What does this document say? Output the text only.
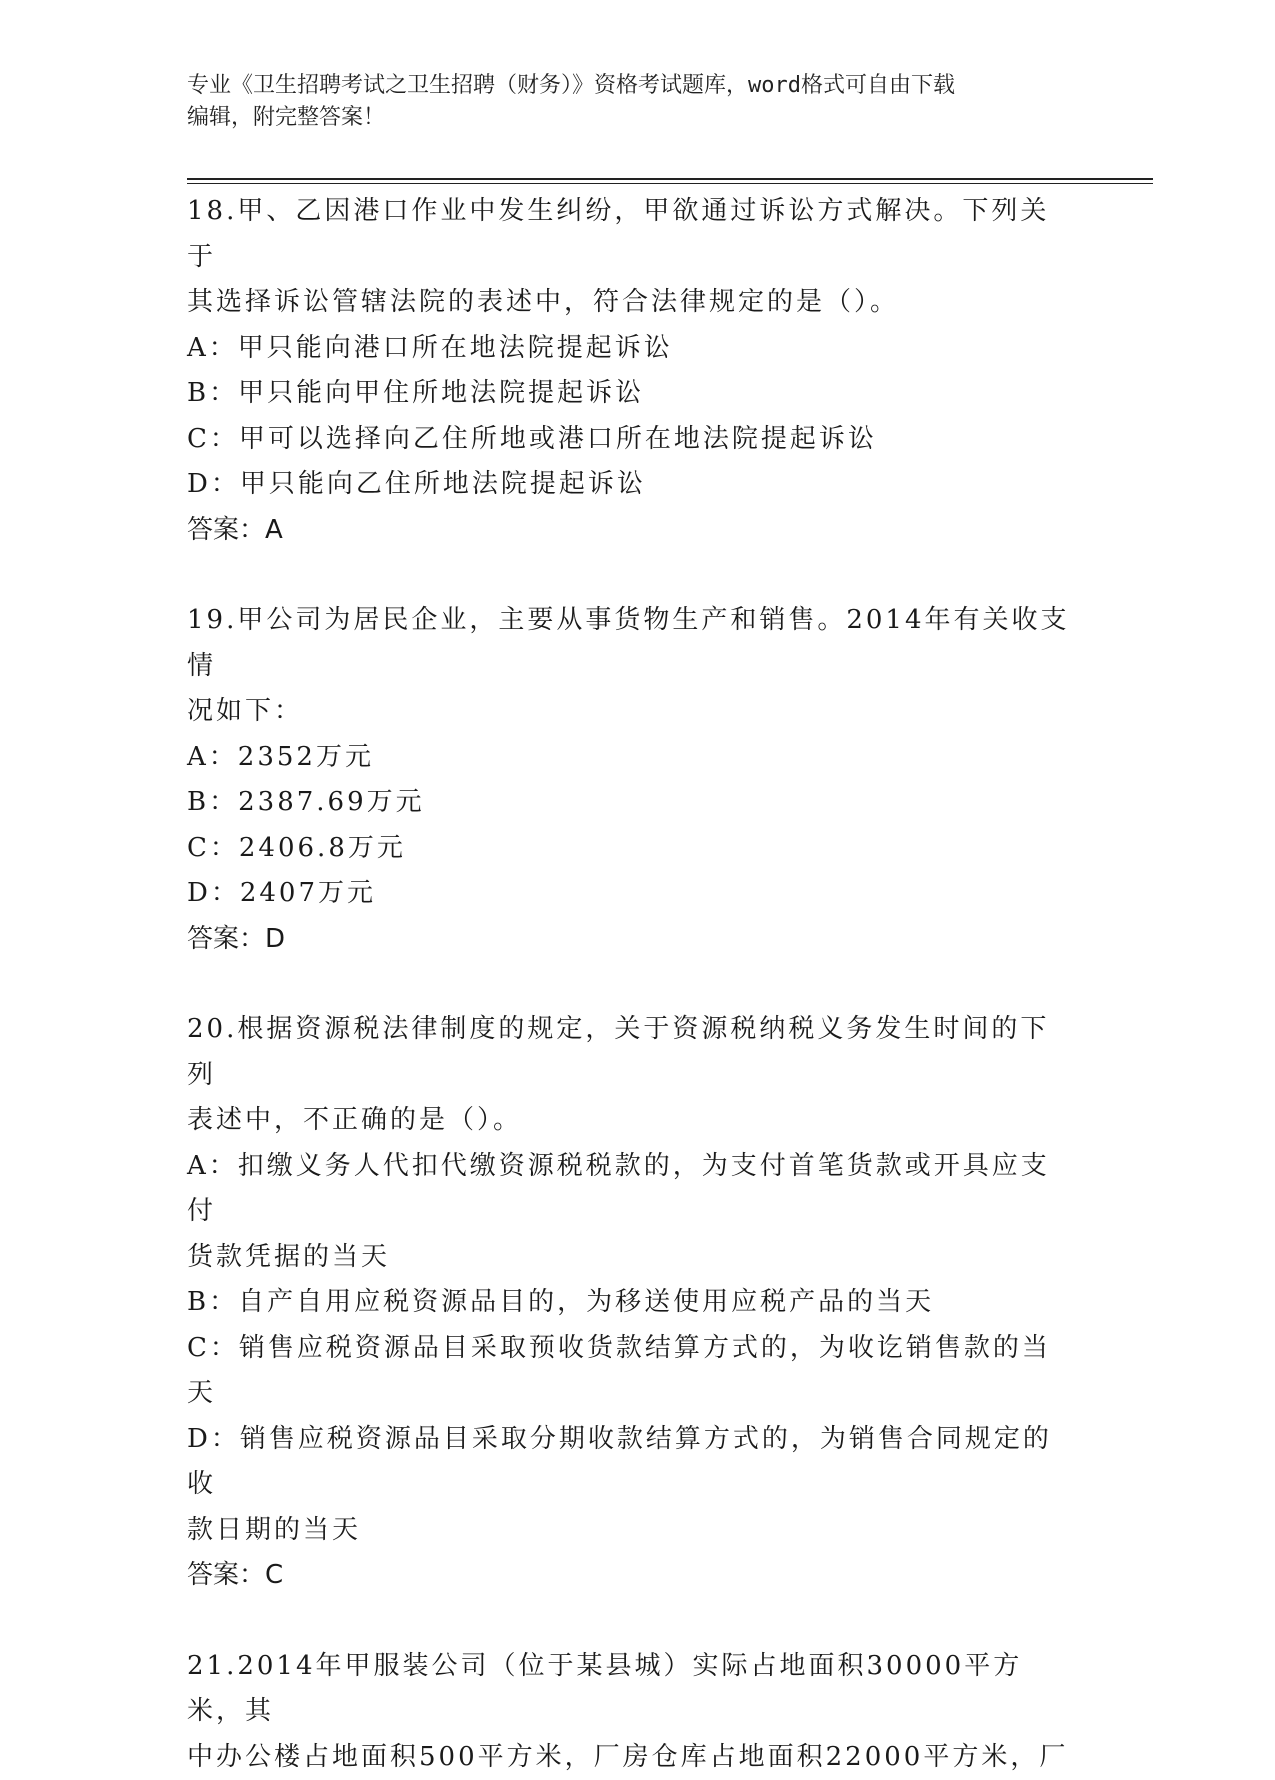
专业《卫生招聘考试之卫生招聘（财务）》资格考试题库，word格式可自由下载
编辑，附完整答案！
18.甲、乙因港口作业中发生纠纷，甲欲通过诉讼方式解决。下列关于
其选择诉讼管辖法院的表述中，符合法律规定的是（）。
A：甲只能向港口所在地法院提起诉讼
B：甲只能向甲住所地法院提起诉讼
C：甲可以选择向乙住所地或港口所在地法院提起诉讼
D：甲只能向乙住所地法院提起诉讼
答案：A
19.甲公司为居民企业，主要从事货物生产和销售。2014年有关收支情
况如下：
A：2352万元
B：2387.69万元
C：2406.8万元
D：2407万元
答案：D
20.根据资源税法律制度的规定，关于资源税纳税义务发生时间的下列
表述中，不正确的是（）。
A：扣缴义务人代扣代缴资源税税款的，为支付首笔货款或开具应支付
货款凭据的当天
B：自产自用应税资源品目的，为移送使用应税产品的当天
C：销售应税资源品目采取预收货款结算方式的，为收讫销售款的当天
D：销售应税资源品目采取分期收款结算方式的，为销售合同规定的收
款日期的当天
答案：C
21.2014年甲服装公司（位于某县城）实际占地面积30000平方米，其
中办公楼占地面积500平方米，厂房仓库占地面积22000平方米，厂
